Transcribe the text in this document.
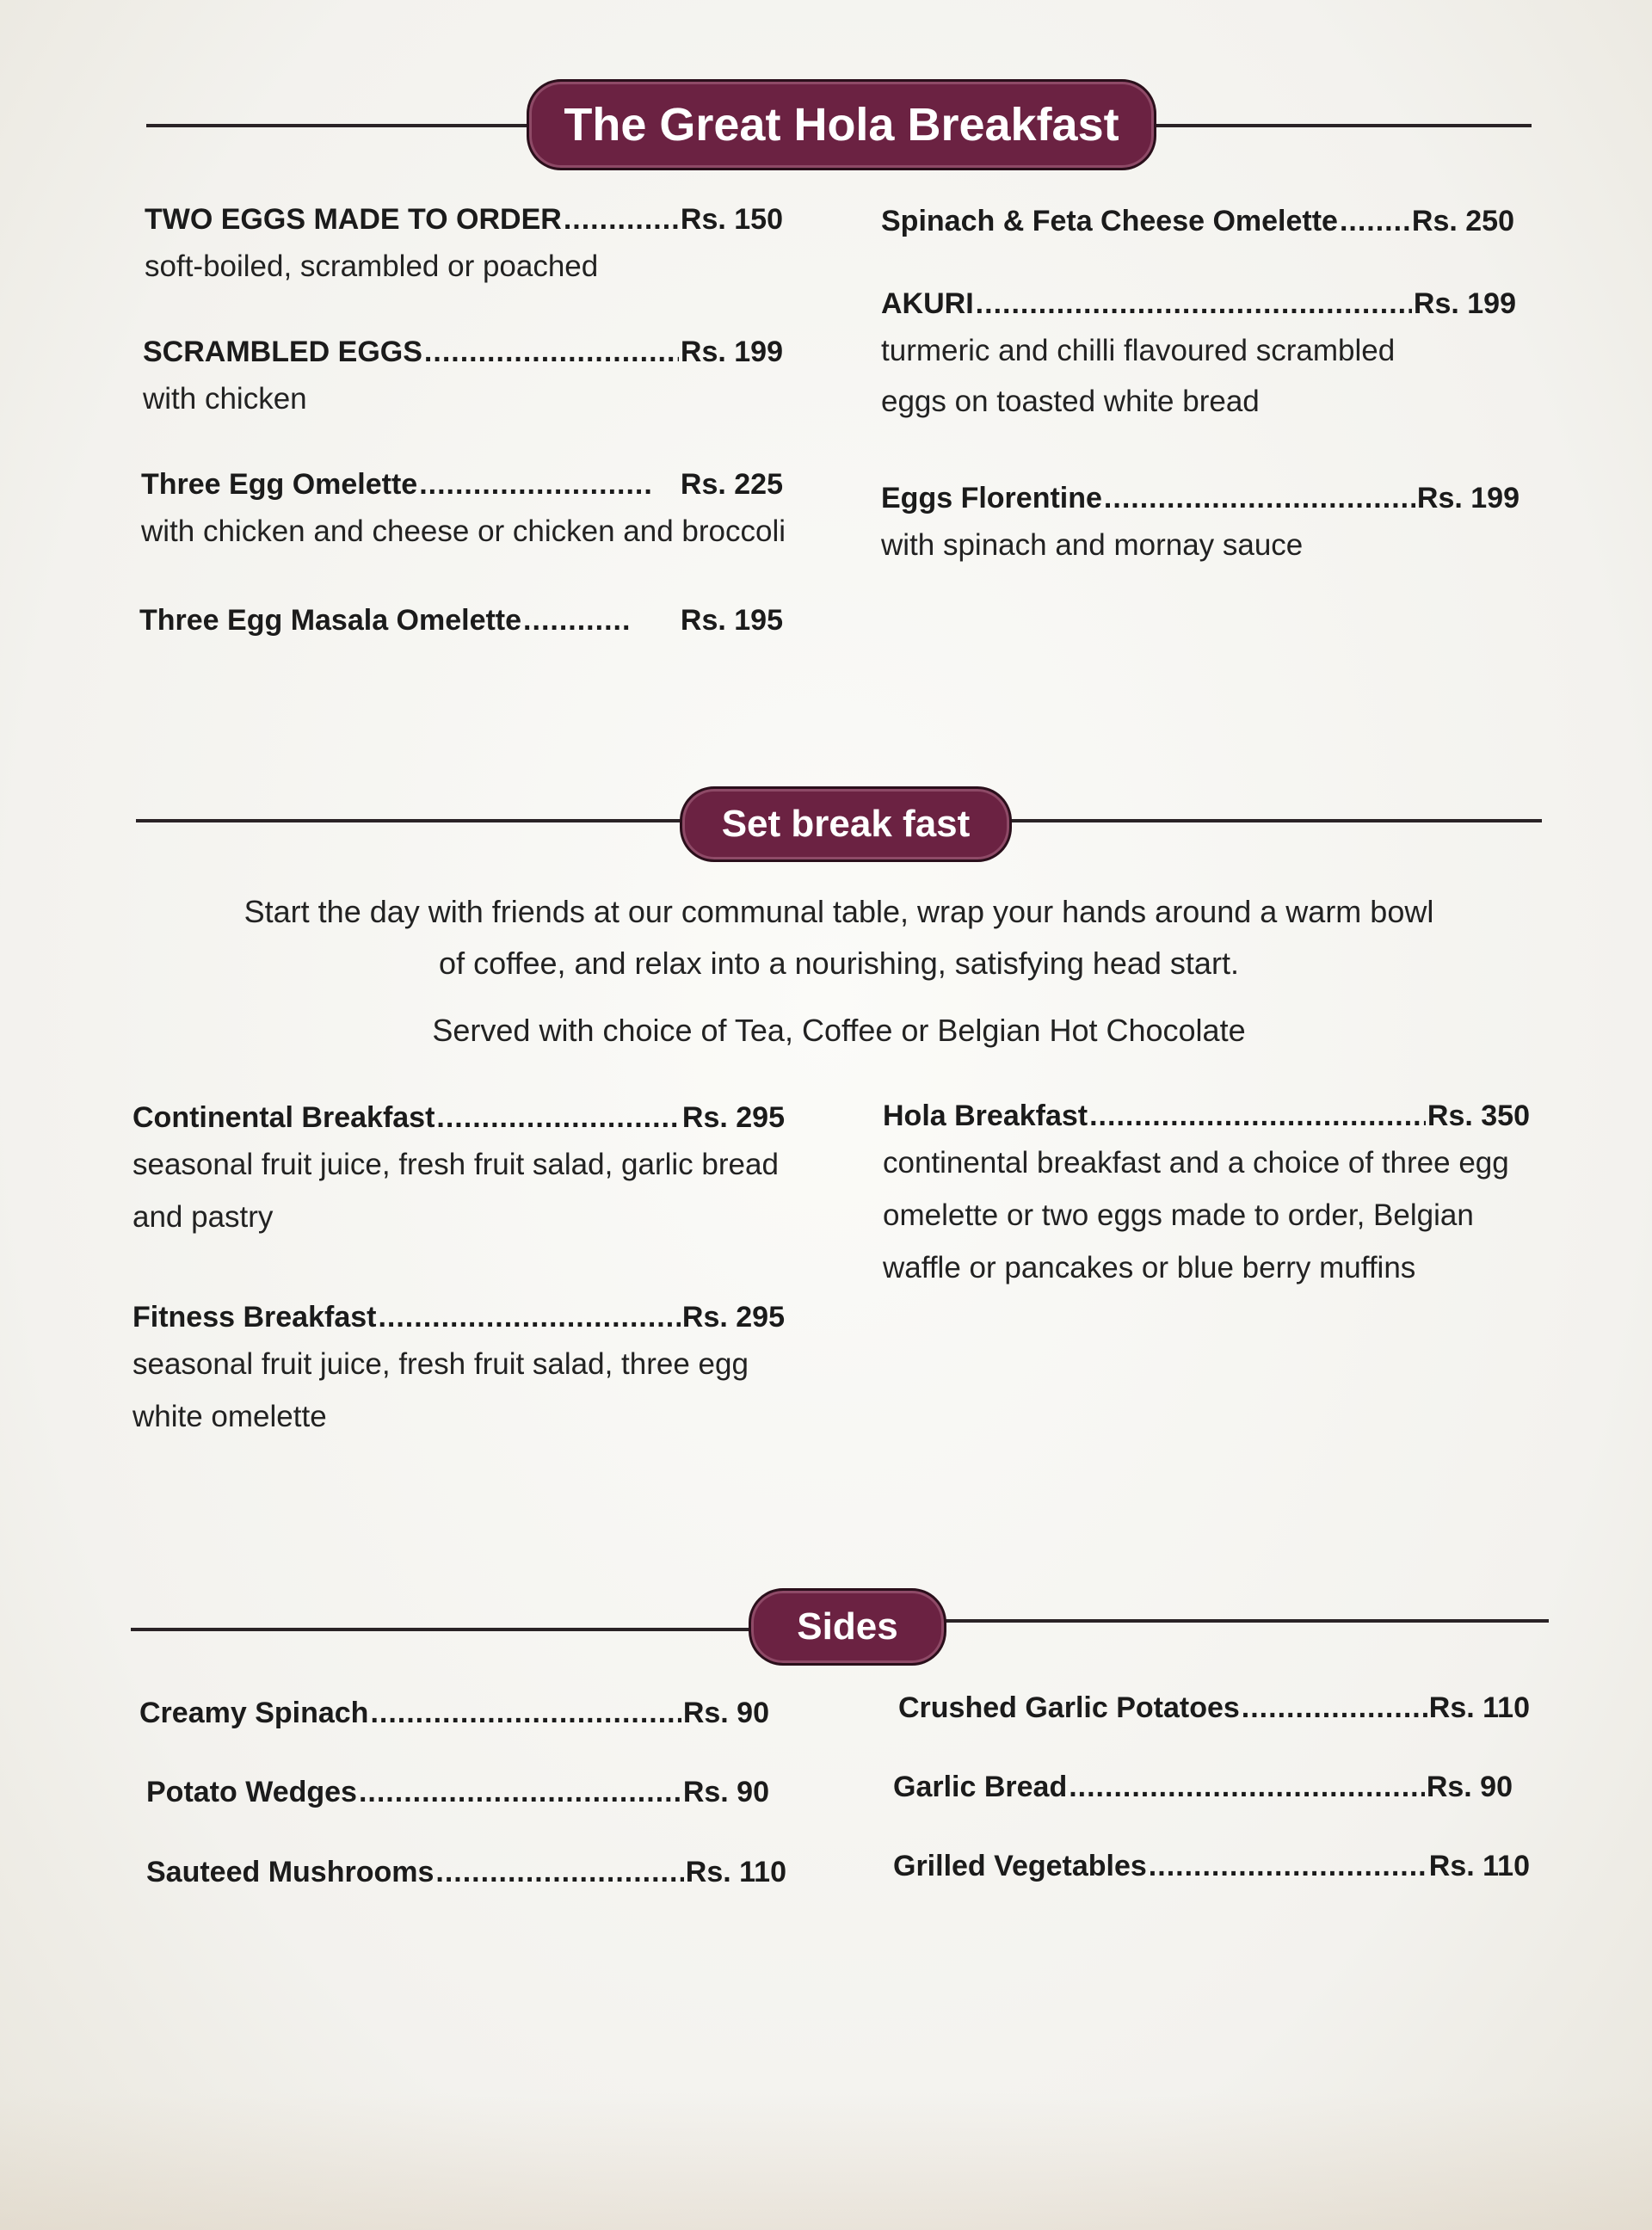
The Great Hola Breakfast
TWO EGGS MADE TO ORDER .....	Rs. 150
soft-boiled, scrambled or poached
SCRAMBLED EGGS .....	Rs. 199
with chicken
Three Egg Omelette .....	Rs. 225
with chicken and cheese or chicken and broccoli
Three Egg Masala Omelette .....	Rs. 195
Spinach & Feta Cheese Omelette .....	Rs. 250
AKURI .....	Rs. 199
turmeric and chilli flavoured scrambled
eggs on toasted white bread
Eggs Florentine .....	Rs. 199
with spinach and mornay sauce
Set break fast
Start the day with friends at our communal table, wrap your hands around a warm bowl
of coffee, and relax into a nourishing, satisfying head start.
Served with choice of Tea, Coffee or Belgian Hot Chocolate
Continental Breakfast .....	Rs. 295
seasonal fruit juice, fresh fruit salad, garlic bread
and pastry
Fitness Breakfast .....	Rs. 295
seasonal fruit juice, fresh fruit salad, three egg
white omelette
Hola Breakfast .....	Rs. 350
continental breakfast and a choice of three egg
omelette or two eggs made to order, Belgian
waffle or pancakes or blue berry muffins
Sides
Creamy Spinach .....	Rs. 90
Potato Wedges .....	Rs. 90
Sauteed Mushrooms .....	Rs. 110
Crushed Garlic Potatoes .....	Rs. 110
Garlic Bread .....	Rs. 90
Grilled Vegetables .....	Rs. 110
